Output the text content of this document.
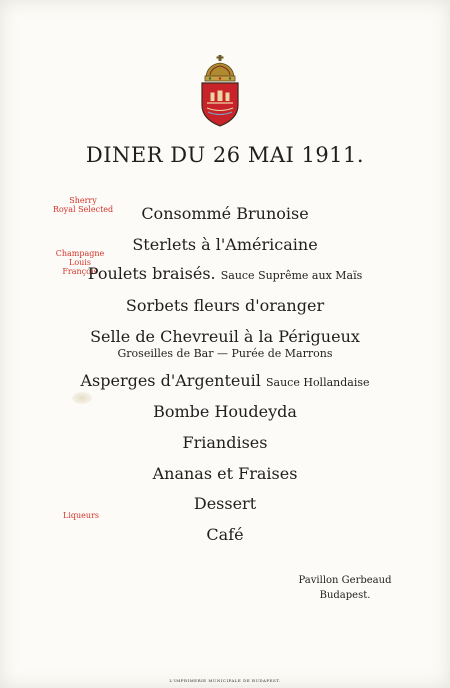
DINER DU 26 MAI 1911.
Sherry
Royal Selected
Champagne
Louis
François
Liqueurs
Consommé Brunoise
Sterlets à l'Américaine
Poulets braisés. Sauce Suprême aux Maïs
Sorbets fleurs d'oranger
Selle de Chevreuil à la Périgueux
Groseilles de Bar — Purée de Marrons
Asperges d'Argenteuil Sauce Hollandaise
Bombe Houdeyda
Friandises
Ananas et Fraises
Dessert
Café
Pavillon Gerbeaud
Budapest.
L'IMPRIMERIE MUNICIPALE DE BUDAPEST.
